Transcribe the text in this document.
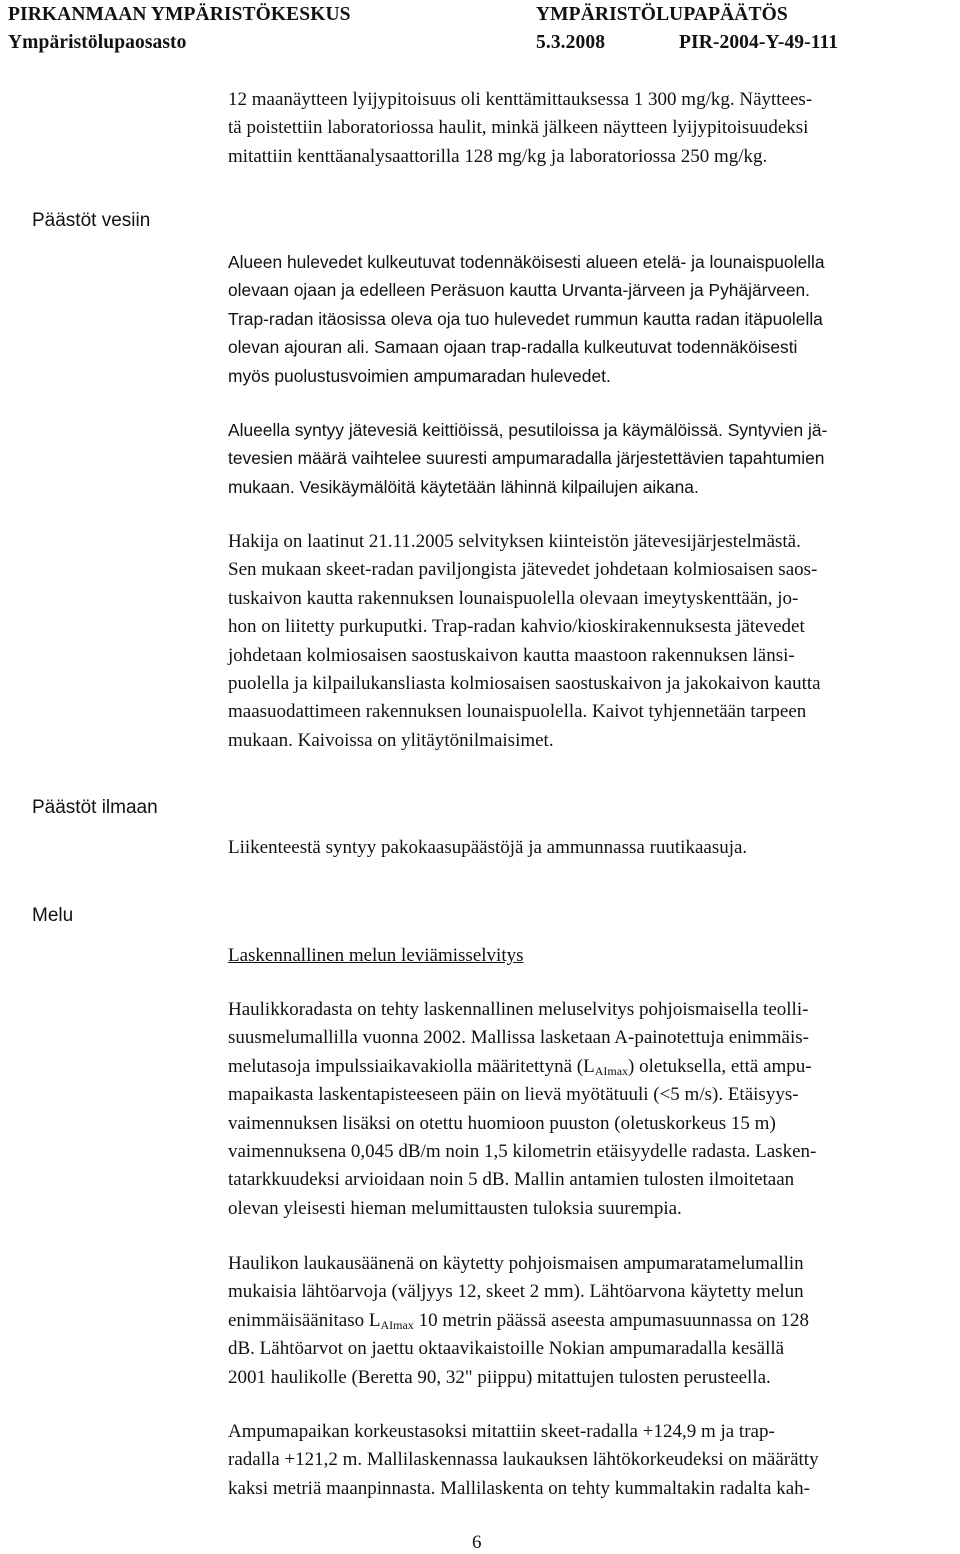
PIRKANMAAN YMPÄRISTÖKESKUS
Ympäristölupaosasto
YMPÄRISTÖLUPAPÄÄTÖS
5.3.2008	PIR-2004-Y-49-111

12 maanäytteen lyijypitoisuus oli kenttämittauksessa 1 300 mg/kg. Näyttees-
tä poistettiin laboratoriossa haulit, minkä jälkeen näytteen lyijypitoisuudeksi
mitattiin kenttäanalysaattorilla 128 mg/kg ja laboratoriossa 250 mg/kg.

Päästöt vesiin

Alueen hulevedet kulkeutuvat todennäköisesti alueen etelä- ja lounaispuolella
olevaan ojaan ja edelleen Peräsuon kautta Urvanta-järveen ja Pyhäjärveen.
Trap-radan itäosissa oleva oja tuo hulevedet rummun kautta radan itäpuolella
olevan ajouran ali. Samaan ojaan trap-radalla kulkeutuvat todennäköisesti
myös puolustusvoimien ampumaradan hulevedet.

Alueella syntyy jätevesiä keittiöissä, pesutiloissa ja käymälöissä. Syntyvien jä-
tevesien määrä vaihtelee suuresti ampumaradalla järjestettävien tapahtumien
mukaan. Vesikäymälöitä käytetään lähinnä kilpailujen aikana.

Hakija on laatinut 21.11.2005 selvityksen kiinteistön jätevesijärjestelmästä.
Sen mukaan skeet-radan paviljongista jätevedet johdetaan kolmiosaisen saos-
tuskaivon kautta rakennuksen lounaispuolella olevaan imeytyskenttään, jo-
hon on liitetty purkuputki. Trap-radan kahvio/kioskirakennuksesta jätevedet
johdetaan kolmiosaisen saostuskaivon kautta maastoon rakennuksen länsi-
puolella ja kilpailukansliasta kolmiosaisen saostuskaivon ja jakokaivon kautta
maasuodattimeen rakennuksen lounaispuolella. Kaivot tyhjennetään tarpeen
mukaan. Kaivoissa on ylitäytönilmaisimet.

Päästöt ilmaan

Liikenteestä syntyy pakokaasupäästöjä ja ammunnassa ruutikaasuja.

Melu

Laskennallinen melun leviämisselvitys

Haulikkoradasta on tehty laskennallinen meluselvitys pohjoismaisella teolli-
suusmelumallilla vuonna 2002. Mallissa lasketaan A-painotettuja enimmäis-
melutasoja impulssiaikavakiolla määritettynä $(L_{AImax})$ oletuksella, että ampu-
mapaikasta laskentapisteeseen päin on lievä myötätuuli (<5 m/s). Etäisyys-
vaimennuksen lisäksi on otettu huomioon puuston (oletuskorkeus 15 m)
vaimennuksena 0,045 dB/m noin 1,5 kilometrin etäisyydelle radasta. Lasken-
tatarkkuudeksi arvioidaan noin 5 dB. Mallin antamien tulosten ilmoitetaan
olevan yleisesti hieman melumittausten tuloksia suurempia.

Haulikon laukausäänenä on käytetty pohjoismaisen ampumaratamelumallin
mukaisia lähtöarvoja (väljyys 12, skeet 2 mm). Lähtöarvona käytetty melun
enimmäisäänitaso $L_{AImax}$ 10 metrin päässä aseesta ampumasuunnassa on 128
dB. Lähtöarvot on jaettu oktaavikaistoille Nokian ampumaradalla kesällä
2001 haulikolle (Beretta 90, 32" piippu) mitattujen tulosten perusteella.

Ampumapaikan korkeustasoksi mitattiin skeet-radalla +124,9 m ja trap-
radalla +121,2 m. Mallilaskennassa laukauksen lähtökorkeudeksi on määrätty
kaksi metriä maanpinnasta. Mallilaskenta on tehty kummaltakin radalta kah-

6
